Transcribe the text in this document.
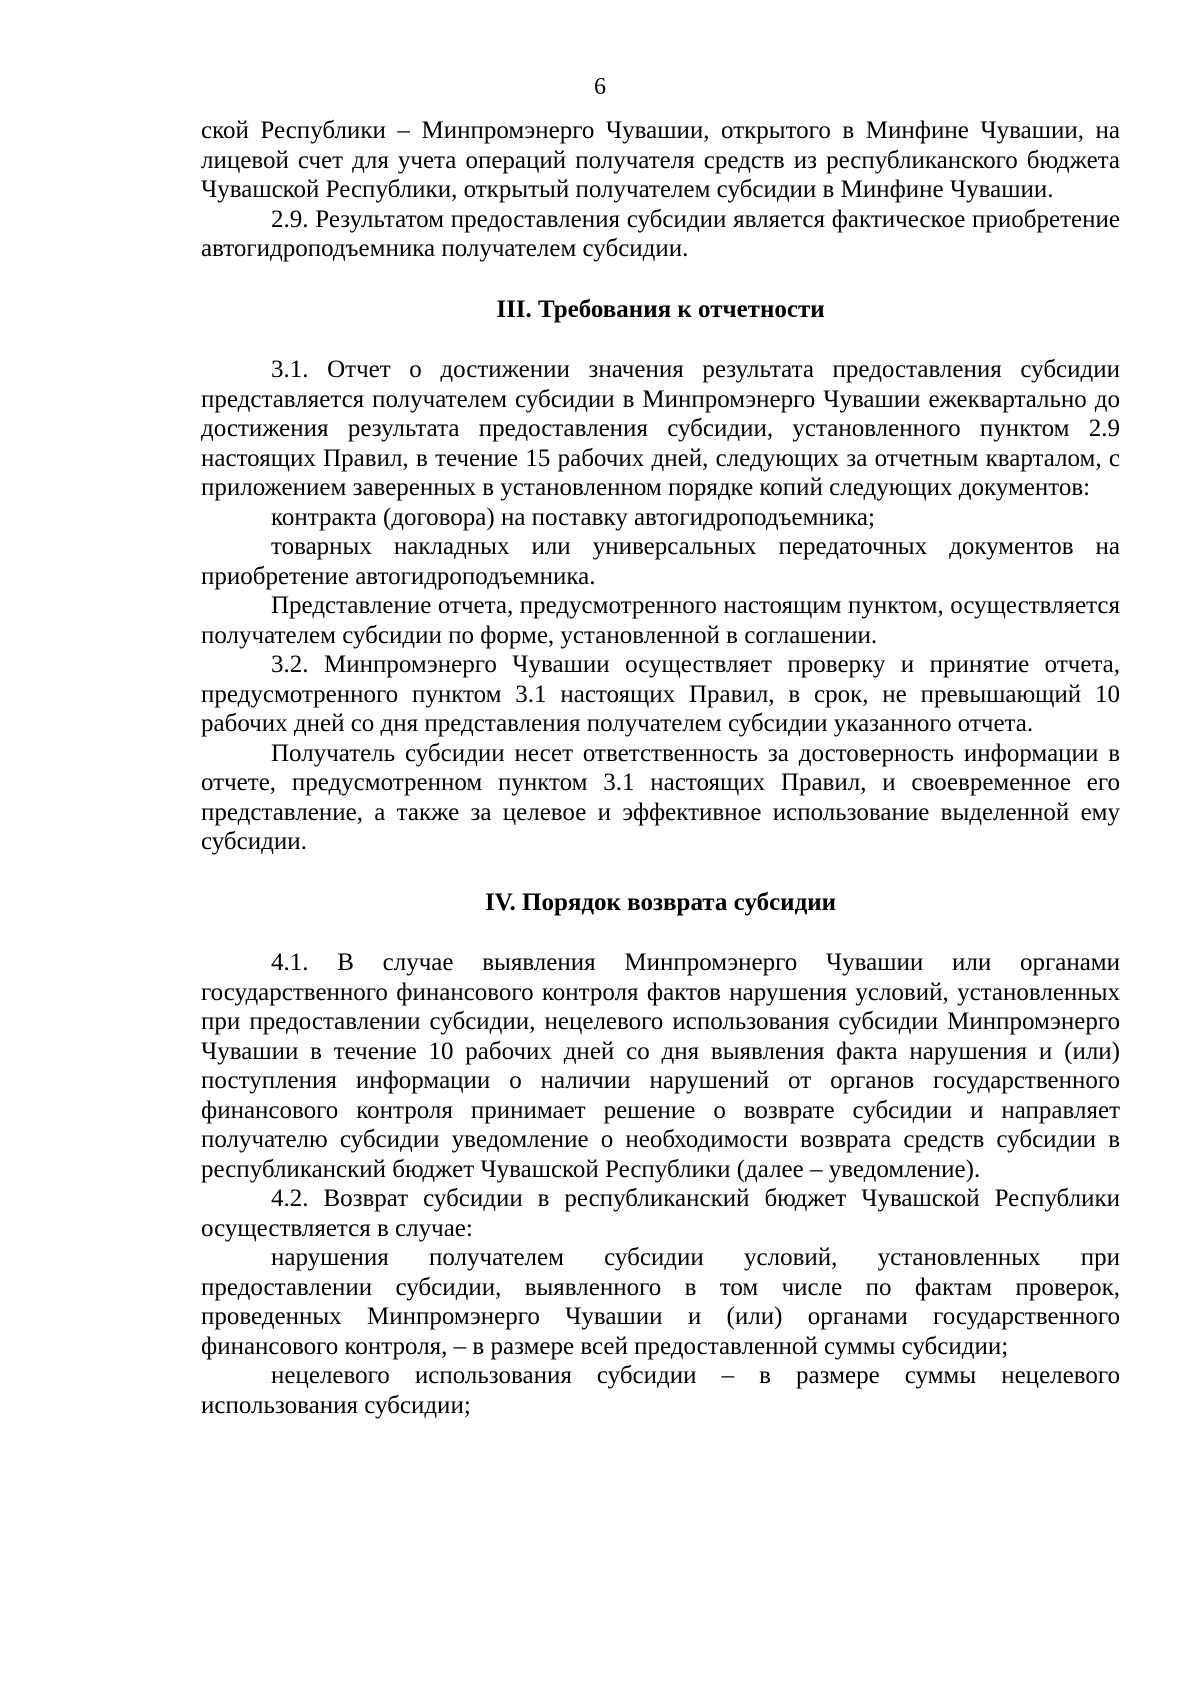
6

ской Республики – Минпромэнерго Чувашии, открытого в Минфине Чувашии, на лицевой счет для учета операций получателя средств из республиканского бюджета Чувашской Республики, открытый получателем субсидии в Минфине Чувашии.

2.9. Результатом предоставления субсидии является фактическое приобретение автогидроподъемника получателем субсидии.

III. Требования к отчетности

3.1. Отчет о достижении значения результата предоставления субсидии представляется получателем субсидии в Минпромэнерго Чувашии ежеквартально до достижения результата предоставления субсидии, установленного пунктом 2.9 настоящих Правил, в течение 15 рабочих дней, следующих за отчетным кварталом, с приложением заверенных в установленном порядке копий следующих документов:

контракта (договора) на поставку автогидроподъемника;

товарных накладных или универсальных передаточных документов на приобретение автогидроподъемника.

Представление отчета, предусмотренного настоящим пунктом, осуществляется получателем субсидии по форме, установленной в соглашении.

3.2. Минпромэнерго Чувашии осуществляет проверку и принятие отчета, предусмотренного пунктом 3.1 настоящих Правил, в срок, не превышающий 10 рабочих дней со дня представления получателем субсидии указанного отчета.

Получатель субсидии несет ответственность за достоверность информации в отчете, предусмотренном пунктом 3.1 настоящих Правил, и своевременное его представление, а также за целевое и эффективное использование выделенной ему субсидии.

IV. Порядок возврата субсидии

4.1. В случае выявления Минпромэнерго Чувашии или органами государственного финансового контроля фактов нарушения условий, установленных при предоставлении субсидии, нецелевого использования субсидии Минпромэнерго Чувашии в течение 10 рабочих дней со дня выявления факта нарушения и (или) поступления информации о наличии нарушений от органов государственного финансового контроля принимает решение о возврате субсидии и направляет получателю субсидии уведомление о необходимости возврата средств субсидии в республиканский бюджет Чувашской Республики (далее – уведомление).

4.2. Возврат субсидии в республиканский бюджет Чувашской Республики осуществляется в случае:

нарушения получателем субсидии условий, установленных при предоставлении субсидии, выявленного в том числе по фактам проверок, проведенных Минпромэнерго Чувашии и (или) органами государственного финансового контроля, – в размере всей предоставленной суммы субсидии;

нецелевого использования субсидии – в размере суммы нецелевого использования субсидии;
